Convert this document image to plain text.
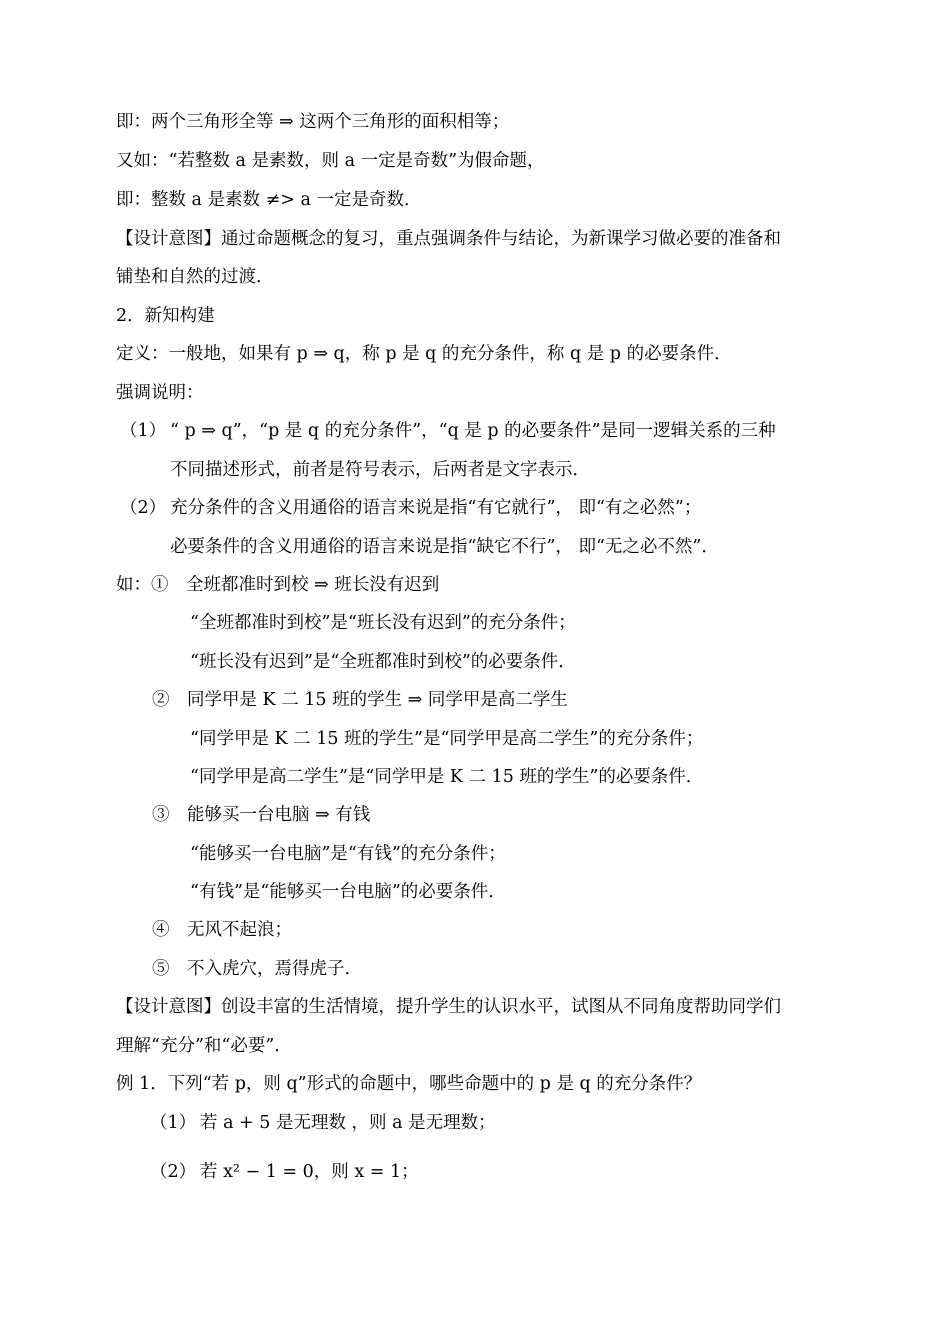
即：两个三角形全等 ⇒ 这两个三角形的面积相等；
又如：“若整数 a 是素数，则 a 一定是奇数”为假命题，
即：整数 a 是素数 ≠> a 一定是奇数．
【设计意图】通过命题概念的复习，重点强调条件与结论，为新课学习做必要的准备和
铺垫和自然的过渡．
2．新知构建
定义：一般地，如果有 p ⇒ q，称 p 是 q 的充分条件，称 q 是 p 的必要条件．
强调说明：
（1） “ p ⇒ q”，“p 是 q 的充分条件”，“q 是 p 的必要条件”是同一逻辑关系的三种
不同描述形式，前者是符号表示，后两者是文字表示．
（2） 充分条件的含义用通俗的语言来说是指“有它就行”， 即“有之必然”；
必要条件的含义用通俗的语言来说是指“缺它不行”， 即“无之必不然”．
如：①　全班都准时到校 ⇒ 班长没有迟到
“全班都准时到校”是“班长没有迟到”的充分条件；
“班长没有迟到”是“全班都准时到校”的必要条件．
②　同学甲是 K 二 15 班的学生 ⇒ 同学甲是高二学生
“同学甲是 K 二 15 班的学生”是“同学甲是高二学生”的充分条件；
“同学甲是高二学生”是“同学甲是 K 二 15 班的学生”的必要条件．
③　能够买一台电脑 ⇒ 有钱
“能够买一台电脑”是“有钱”的充分条件；
“有钱”是“能够买一台电脑”的必要条件．
④　无风不起浪；
⑤　不入虎穴，焉得虎子．
【设计意图】创设丰富的生活情境，提升学生的认识水平，试图从不同角度帮助同学们
理解“充分”和“必要”．
例 1．下列“若 p，则 q”形式的命题中，哪些命题中的 p 是 q 的充分条件？
（1） 若 a + 5 是无理数 ，则 a 是无理数；
（2） 若 x² − 1 = 0，则 x = 1；
